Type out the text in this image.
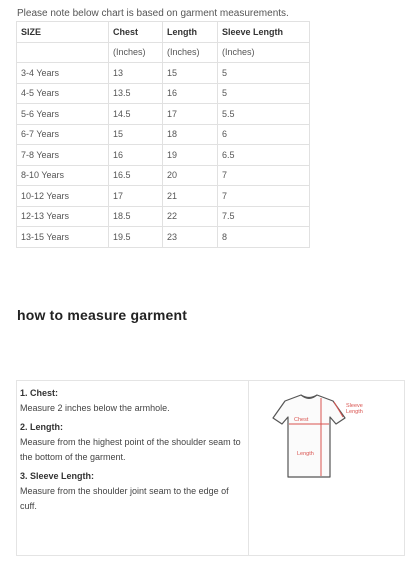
Please note below chart is based on garment measurements.
SIZE	Chest	Length	Sleeve Length
	(Inches)	(Inches)	(Inches)
3-4 Years	13	15	5
4-5 Years	13.5	16	5
5-6 Years	14.5	17	5.5
6-7 Years	15	18	6
7-8 Years	16	19	6.5
8-10 Years	16.5	20	7
10-12 Years	17	21	7
12-13 Years	18.5	22	7.5
13-15 Years	19.5	23	8
how to measure garment
1. Chest:
Measure 2 inches below the armhole.
2. Length:
Measure from the highest point of the shoulder seam to the bottom of the garment.
3. Sleeve Length:
Measure from the shoulder joint seam to the edge of cuff.
Chest
Length
Sleeve
Length
